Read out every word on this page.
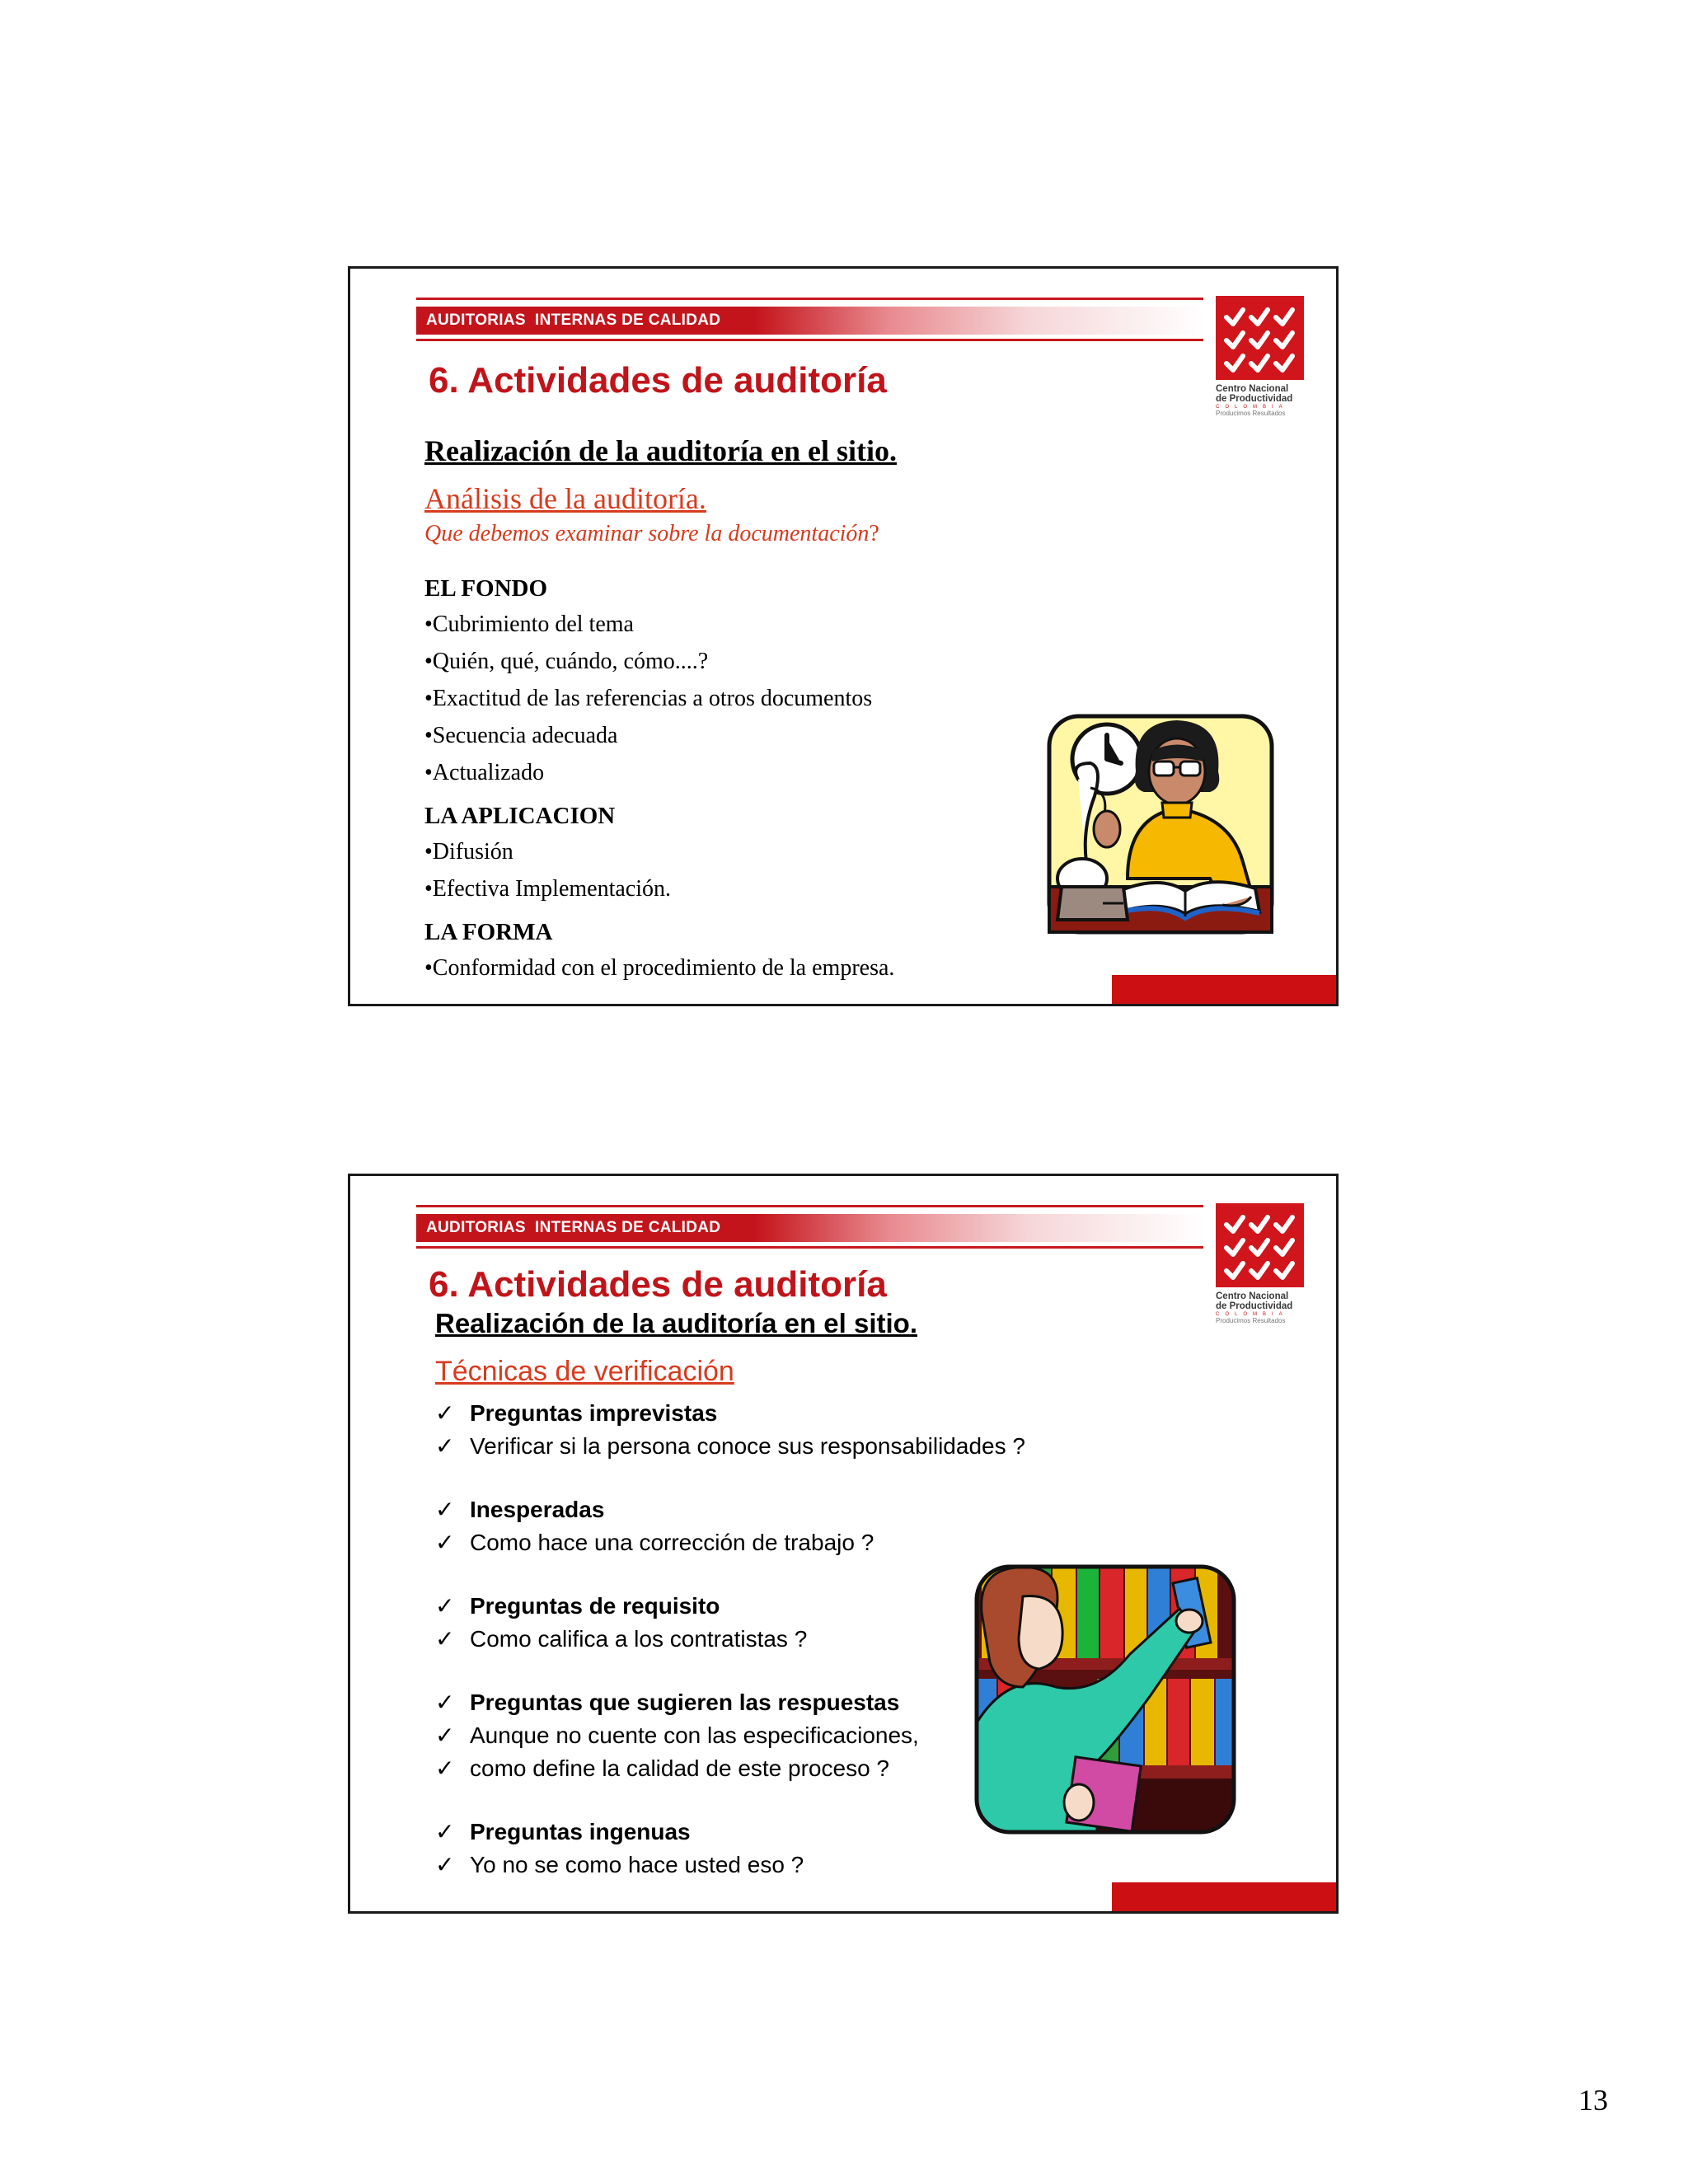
AUDITORIAS  INTERNAS DE CALIDAD
Centro Nacional
de Productividad
COLOMBIA
Producimos Resultados
6. Actividades de auditoría
Realización de la auditoría en el sitio.
Análisis de la auditoría.
Que debemos examinar sobre la documentación?
EL FONDO
•Cubrimiento del tema
•Quién, qué, cuándo, cómo....?
•Exactitud de las referencias a otros documentos
•Secuencia adecuada
•Actualizado
LA APLICACION
•Difusión
•Efectiva Implementación.
LA FORMA
•Conformidad con el procedimiento de la empresa.
AUDITORIAS  INTERNAS DE CALIDAD
Centro Nacional
de Productividad
COLOMBIA
Producimos Resultados
6. Actividades de auditoría
Realización de la auditoría en el sitio.
Técnicas de verificación
✓ Preguntas imprevistas
✓ Verificar si la persona conoce sus responsabilidades ?
✓ Inesperadas
✓ Como hace una corrección de trabajo ?
✓ Preguntas de requisito
✓ Como califica a los contratistas ?
✓ Preguntas que sugieren las respuestas
✓ Aunque no cuente con las especificaciones,
✓ como define la calidad de este proceso ?
✓ Preguntas ingenuas
✓ Yo no se como hace usted eso ?
13
